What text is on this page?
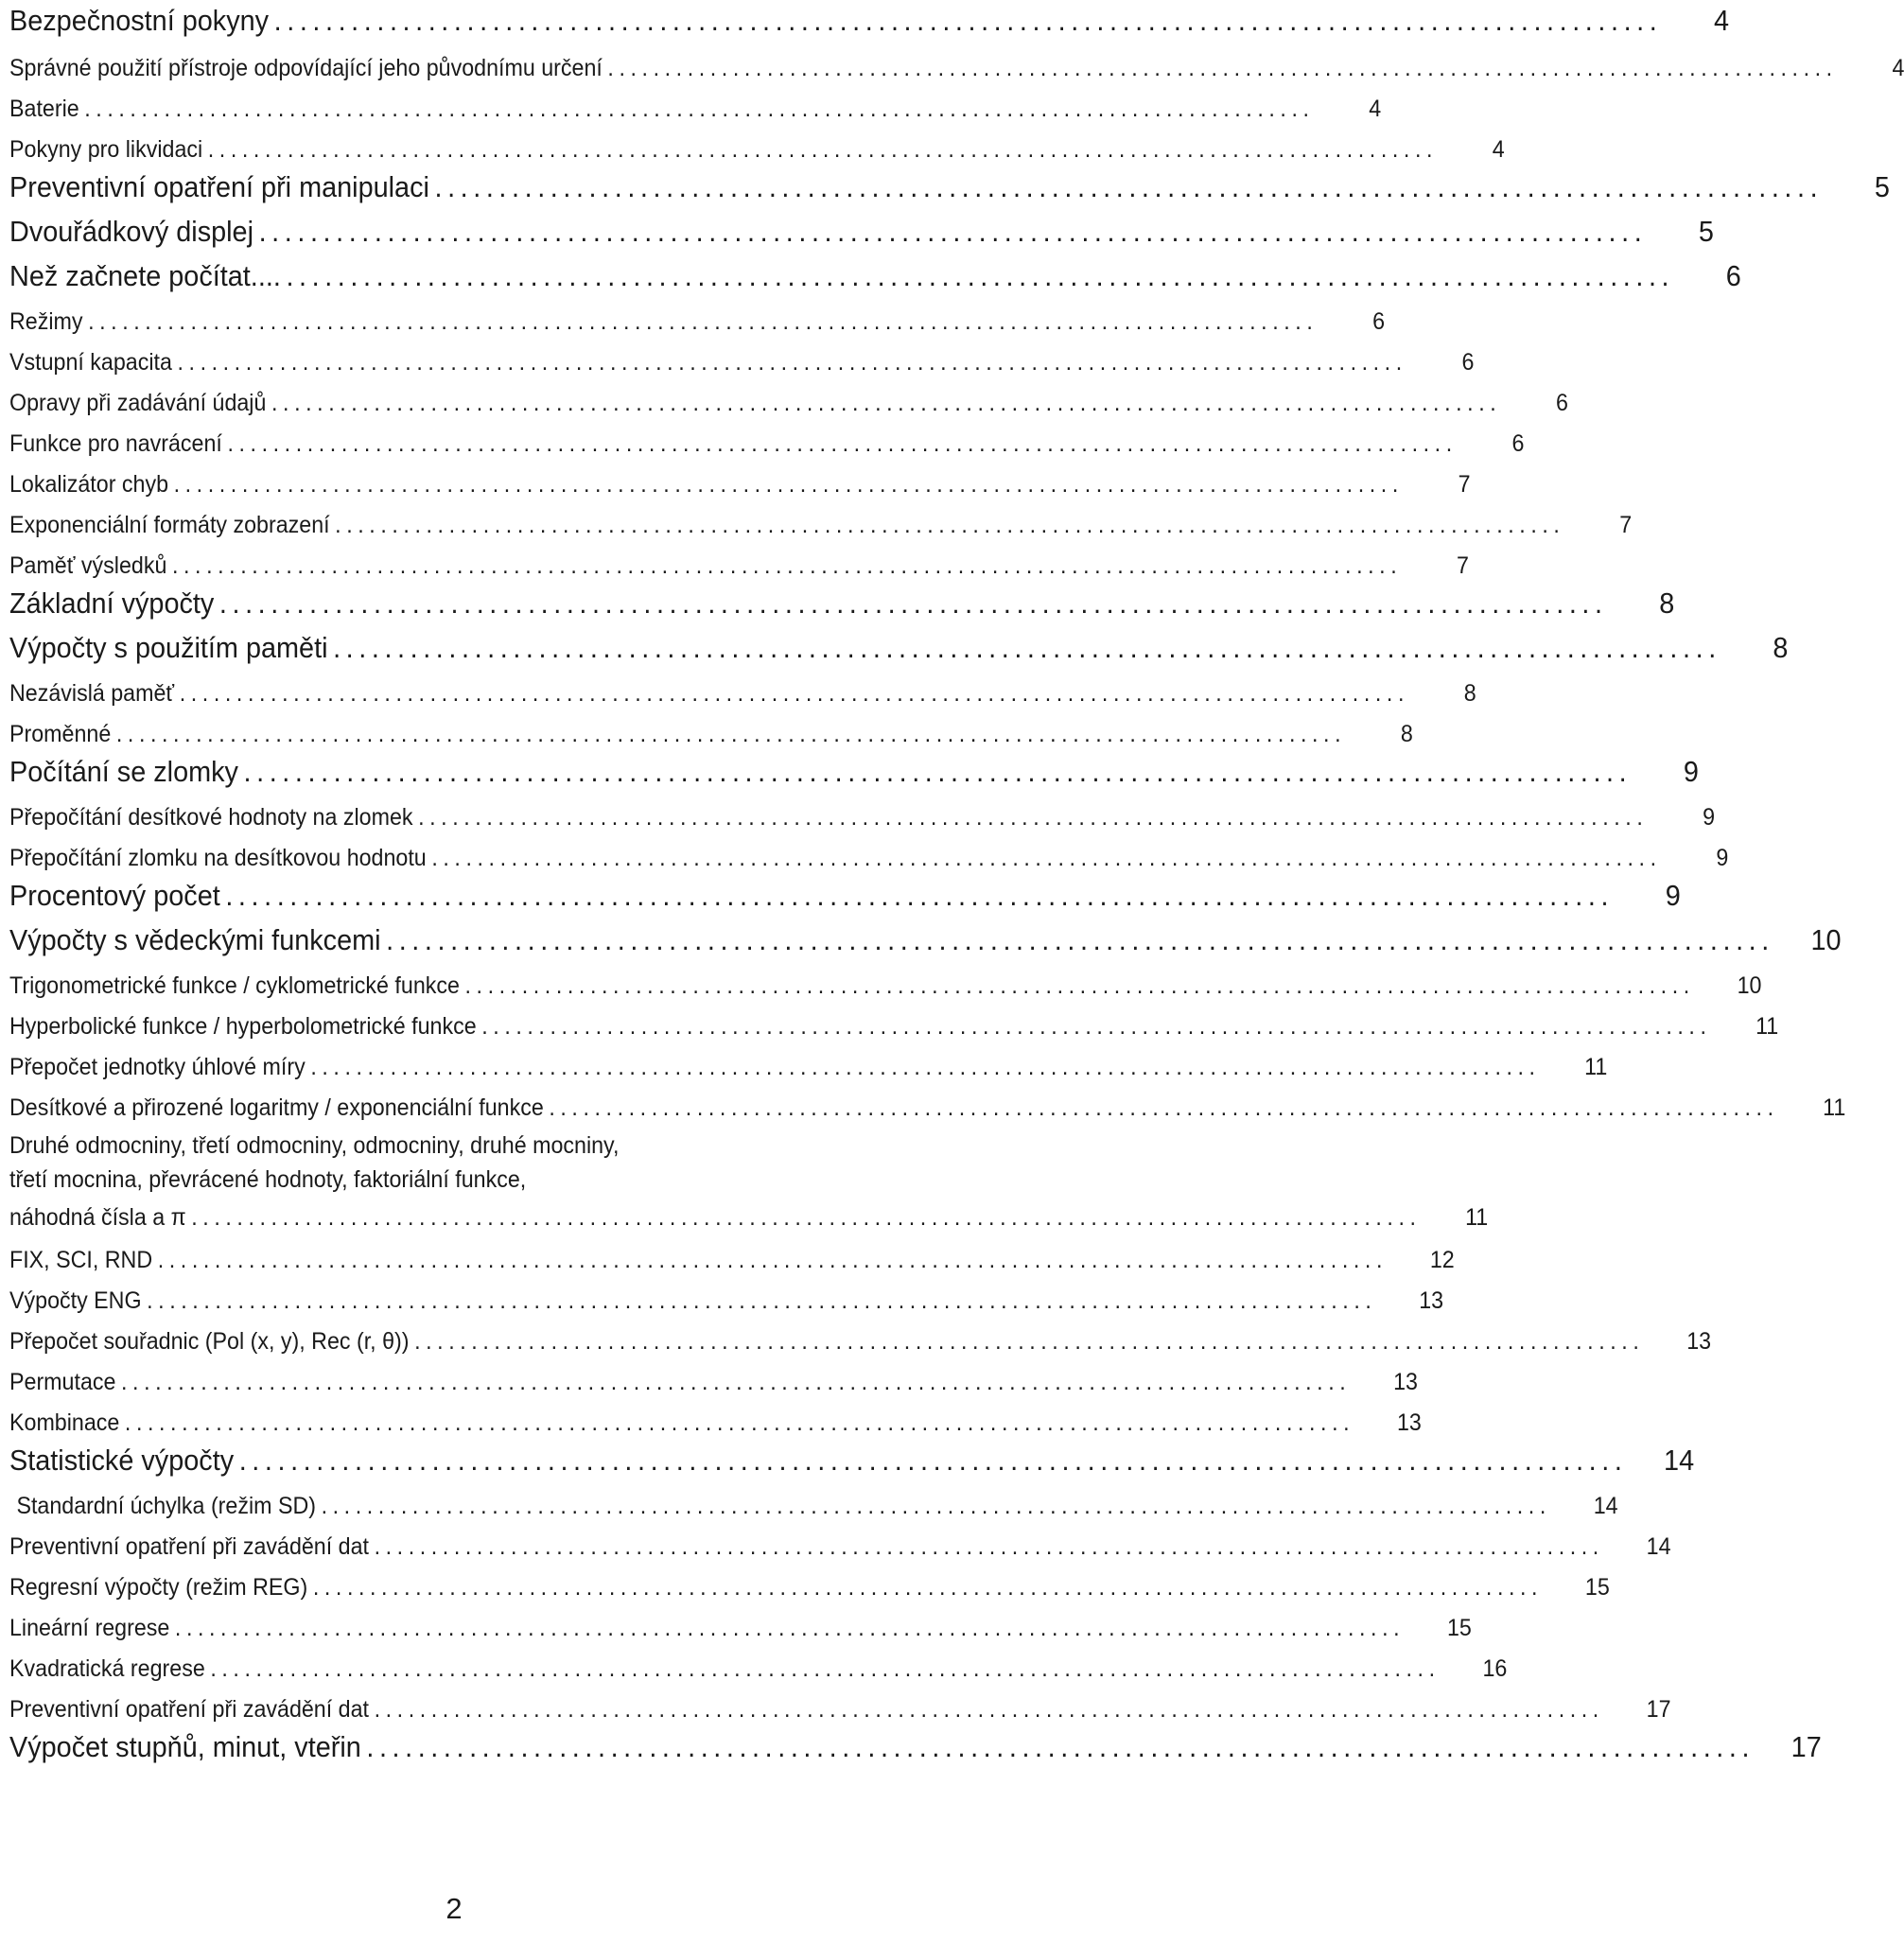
Bezpečnostní pokyny ............................................................................................................	4
Správné použití přístroje odpovídající jeho původnímu určení ............................................................................................................	4
Baterie ............................................................................................................	4
Pokyny pro likvidaci ............................................................................................................	4
Preventivní opatření při manipulaci ............................................................................................................	5
Dvouřádkový displej ............................................................................................................	5
Než začnete počítat.... ............................................................................................................	6
Režimy ............................................................................................................	6
Vstupní kapacita ............................................................................................................	6
Opravy při zadávání údajů ............................................................................................................	6
Funkce pro navrácení ............................................................................................................	6
Lokalizátor chyb ............................................................................................................	7
Exponenciální formáty zobrazení ............................................................................................................	7
Paměť výsledků ............................................................................................................	7
Základní výpočty ............................................................................................................	8
Výpočty s použitím paměti ............................................................................................................	8
Nezávislá paměť ............................................................................................................	8
Proměnné ............................................................................................................	8
Počítání se zlomky ............................................................................................................	9
Přepočítání desítkové hodnoty na zlomek ............................................................................................................	9
Přepočítání zlomku na desítkovou hodnotu ............................................................................................................	9
Procentový počet ............................................................................................................	9
Výpočty s vědeckými funkcemi ............................................................................................................	10
Trigonometrické funkce / cyklometrické funkce ............................................................................................................	10
Hyperbolické funkce / hyperbolometrické funkce ............................................................................................................	11
Přepočet jednotky úhlové míry ............................................................................................................	11
Desítkové a přirozené logaritmy / exponenciální funkce ............................................................................................................	11
Druhé odmocniny, třetí odmocniny, odmocniny, druhé mocniny,
třetí mocnina, převrácené hodnoty, faktoriální funkce,
náhodná čísla a π ............................................................................................................	11
FIX, SCI, RND ............................................................................................................	12
Výpočty ENG ............................................................................................................	13
Přepočet souřadnic (Pol (x, y), Rec (r, θ)) ............................................................................................................	13
Permutace ............................................................................................................	13
Kombinace ............................................................................................................	13
Statistické výpočty ............................................................................................................	14
Standardní úchylka (režim SD) ............................................................................................................	14
Preventivní opatření při zavádění dat ............................................................................................................	14
Regresní výpočty (režim REG) ............................................................................................................	15
Lineární regrese ............................................................................................................	15
Kvadratická regrese ............................................................................................................	16
Preventivní opatření při zavádění dat ............................................................................................................	17
Výpočet stupňů, minut, vteřin ............................................................................................................	17
2
